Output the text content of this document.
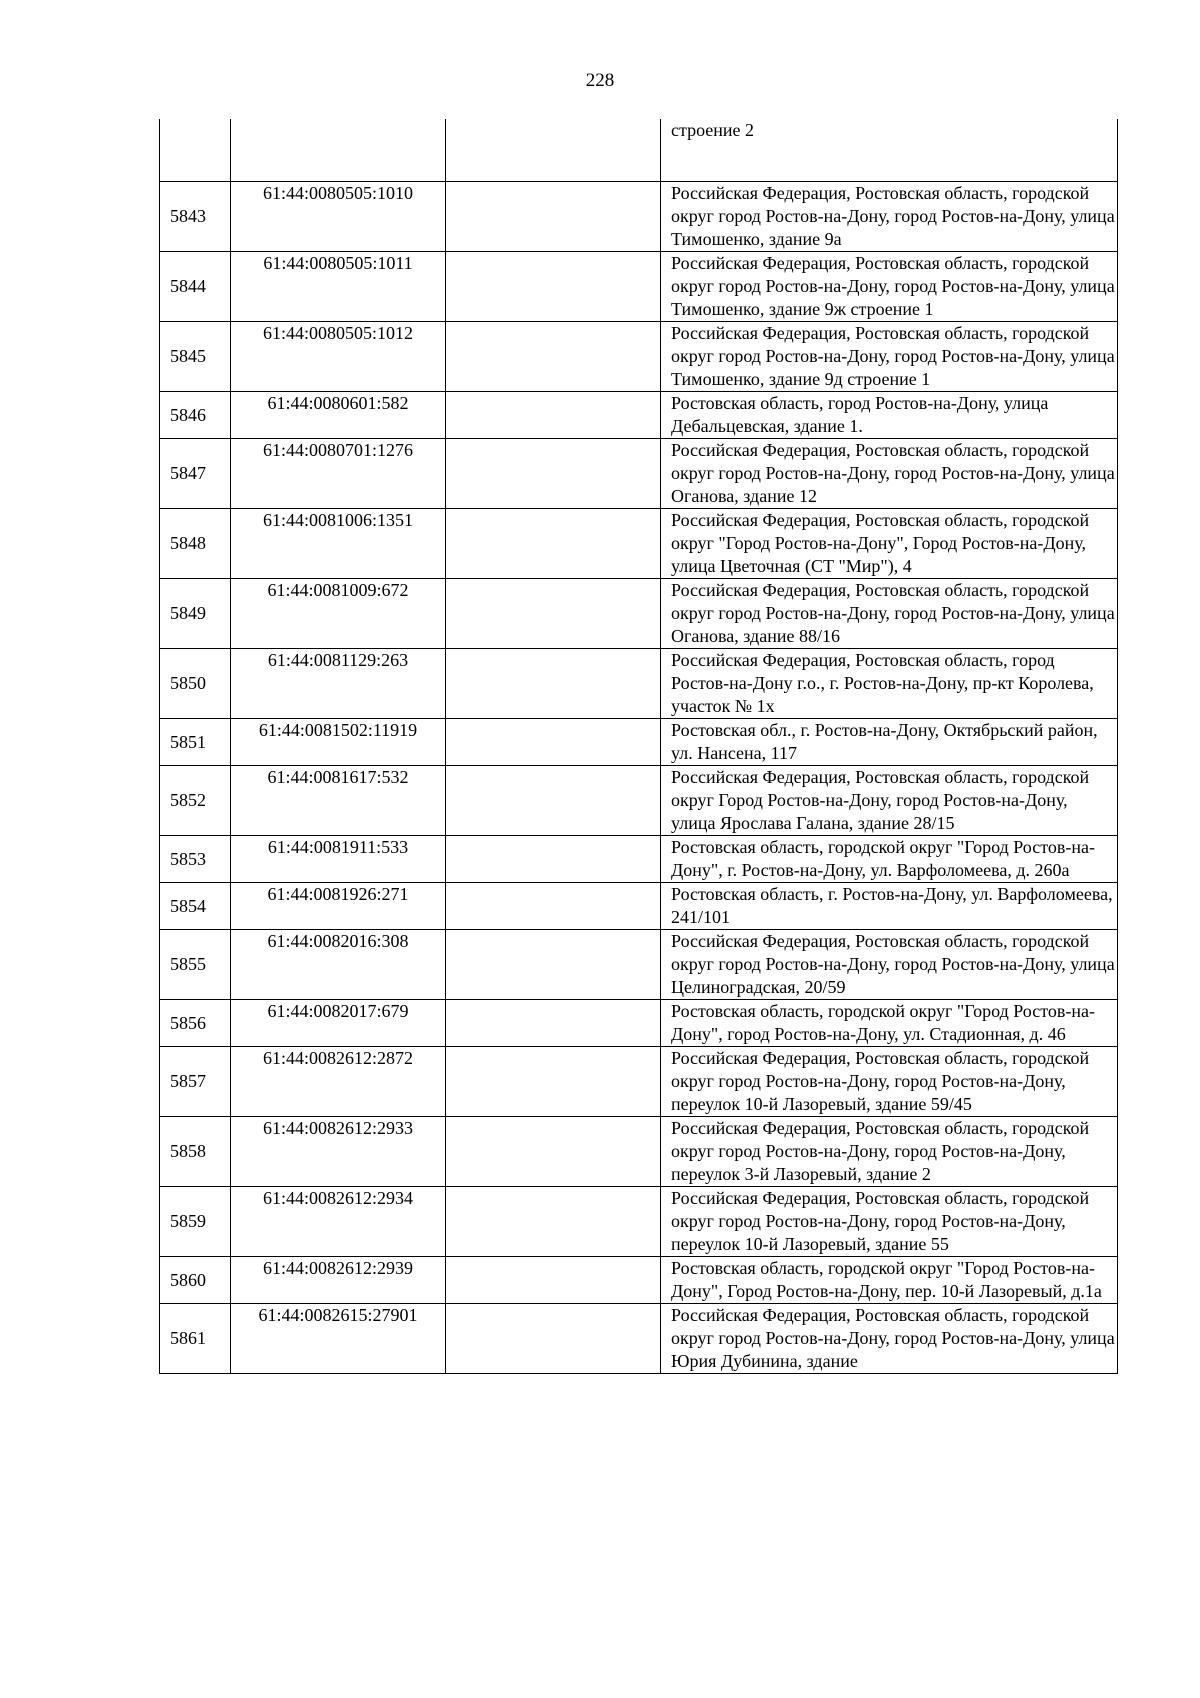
228
			строение 2
5843	61:44:0080505:1010		Российская Федерация, Ростовская область, городской округ город Ростов-на-Дону, город Ростов-на-Дону, улица Тимошенко, здание 9а
5844	61:44:0080505:1011		Российская Федерация, Ростовская область, городской округ город Ростов-на-Дону, город Ростов-на-Дону, улица Тимошенко, здание 9ж строение 1
5845	61:44:0080505:1012		Российская Федерация, Ростовская область, городской округ город Ростов-на-Дону, город Ростов-на-Дону, улица Тимошенко, здание 9д строение 1
5846	61:44:0080601:582		Ростовская область, город Ростов-на-Дону, улица Дебальцевская, здание 1.
5847	61:44:0080701:1276		Российская Федерация, Ростовская область, городской округ город Ростов-на-Дону, город Ростов-на-Дону, улица Оганова, здание 12
5848	61:44:0081006:1351		Российская Федерация, Ростовская область, городской округ "Город Ростов-на-Дону", Город Ростов-на-Дону, улица Цветочная (СТ "Мир"), 4
5849	61:44:0081009:672		Российская Федерация, Ростовская область, городской округ город Ростов-на-Дону, город Ростов-на-Дону, улица Оганова, здание 88/16
5850	61:44:0081129:263		Российская Федерация, Ростовская область, город Ростов-на-Дону г.о., г. Ростов-на-Дону, пр-кт Королева, участок № 1х
5851	61:44:0081502:11919		Ростовская обл., г. Ростов-на-Дону, Октябрьский район, ул. Нансена, 117
5852	61:44:0081617:532		Российская Федерация, Ростовская область, городской округ Город Ростов-на-Дону, город Ростов-на-Дону, улица Ярослава Галана, здание 28/15
5853	61:44:0081911:533		Ростовская область, городской округ "Город Ростов-на-Дону", г. Ростов-на-Дону, ул. Варфоломеева, д. 260а
5854	61:44:0081926:271		Ростовская область, г. Ростов-на-Дону, ул. Варфоломеева, 241/101
5855	61:44:0082016:308		Российская Федерация, Ростовская область, городской округ город Ростов-на-Дону, город Ростов-на-Дону, улица Целиноградская, 20/59
5856	61:44:0082017:679		Ростовская область, городской округ "Город Ростов-на-Дону", город Ростов-на-Дону, ул. Стадионная, д. 46
5857	61:44:0082612:2872		Российская Федерация, Ростовская область, городской округ город Ростов-на-Дону, город Ростов-на-Дону, переулок 10-й Лазоревый, здание 59/45
5858	61:44:0082612:2933		Российская Федерация, Ростовская область, городской округ город Ростов-на-Дону, город Ростов-на-Дону, переулок 3-й Лазоревый, здание 2
5859	61:44:0082612:2934		Российская Федерация, Ростовская область, городской округ город Ростов-на-Дону, город Ростов-на-Дону, переулок 10-й Лазоревый, здание 55
5860	61:44:0082612:2939		Ростовская область, городской округ "Город Ростов-на-Дону", Город Ростов-на-Дону, пер. 10-й Лазоревый, д.1а
5861	61:44:0082615:27901		Российская Федерация, Ростовская область, городской округ город Ростов-на-Дону, город Ростов-на-Дону, улица Юрия Дубинина, здание
